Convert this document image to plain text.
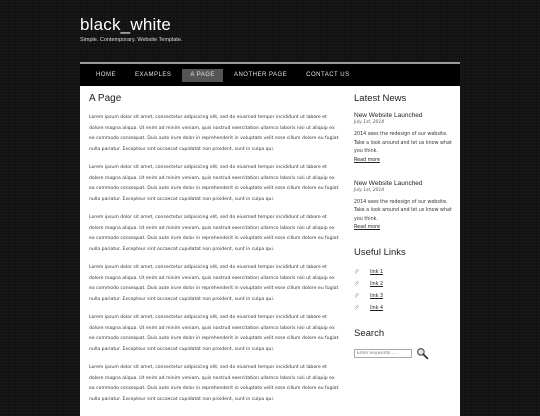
black_white
Simple. Contemporary. Website Template.
HOME	EXAMPLES	A PAGE	ANOTHER PAGE	CONTACT US
A Page

Lorem ipsum dolor sit amet, consectetur adipisicing elit, sed do eiusmod tempor incididunt ut labore et dolore magna aliqua. Ut enim ad minim veniam, quis nostrud exercitation ullamco laboris nisi ut aliquip ex ea commodo consequat. Duis aute irure dolor in reprehenderit in voluptate velit esse cillum dolore eu fugiat nulla pariatur. Excepteur sint occaecat cupidatat non proident, sunt in culpa qui.

Lorem ipsum dolor sit amet, consectetur adipisicing elit, sed do eiusmod tempor incididunt ut labore et dolore magna aliqua. Ut enim ad minim veniam, quis nostrud exercitation ullamco laboris nisi ut aliquip ex ea commodo consequat. Duis aute irure dolor in reprehenderit in voluptate velit esse cillum dolore eu fugiat nulla pariatur. Excepteur sint occaecat cupidatat non proident, sunt in culpa qui.

Lorem ipsum dolor sit amet, consectetur adipisicing elit, sed do eiusmod tempor incididunt ut labore et dolore magna aliqua. Ut enim ad minim veniam, quis nostrud exercitation ullamco laboris nisi ut aliquip ex ea commodo consequat. Duis aute irure dolor in reprehenderit in voluptate velit esse cillum dolore eu fugiat nulla pariatur. Excepteur sint occaecat cupidatat non proident, sunt in culpa qui.

Lorem ipsum dolor sit amet, consectetur adipisicing elit, sed do eiusmod tempor incididunt ut labore et dolore magna aliqua. Ut enim ad minim veniam, quis nostrud exercitation ullamco laboris nisi ut aliquip ex ea commodo consequat. Duis aute irure dolor in reprehenderit in voluptate velit esse cillum dolore eu fugiat nulla pariatur. Excepteur sint occaecat cupidatat non proident, sunt in culpa qui.

Lorem ipsum dolor sit amet, consectetur adipisicing elit, sed do eiusmod tempor incididunt ut labore et dolore magna aliqua. Ut enim ad minim veniam, quis nostrud exercitation ullamco laboris nisi ut aliquip ex ea commodo consequat. Duis aute irure dolor in reprehenderit in voluptate velit esse cillum dolore eu fugiat nulla pariatur. Excepteur sint occaecat cupidatat non proident, sunt in culpa qui.

Lorem ipsum dolor sit amet, consectetur adipisicing elit, sed do eiusmod tempor incididunt ut labore et dolore magna aliqua. Ut enim ad minim veniam, quis nostrud exercitation ullamco laboris nisi ut aliquip ex ea commodo consequat. Duis aute irure dolor in reprehenderit in voluptate velit esse cillum dolore eu fugiat nulla pariatur. Excepteur sint occaecat cupidatat non proident, sunt in culpa qui.

Latest News
New Website Launched
July 1st, 2014
2014 sees the redesign of our website. Take a look around and let us know what you think.
Read more
New Website Launched
July 1st, 2014
2014 sees the redesign of our website. Take a look around and let us know what you think.
Read more
Useful Links
link 1
link 2
link 3
link 4
Search
Enter keywords.....
